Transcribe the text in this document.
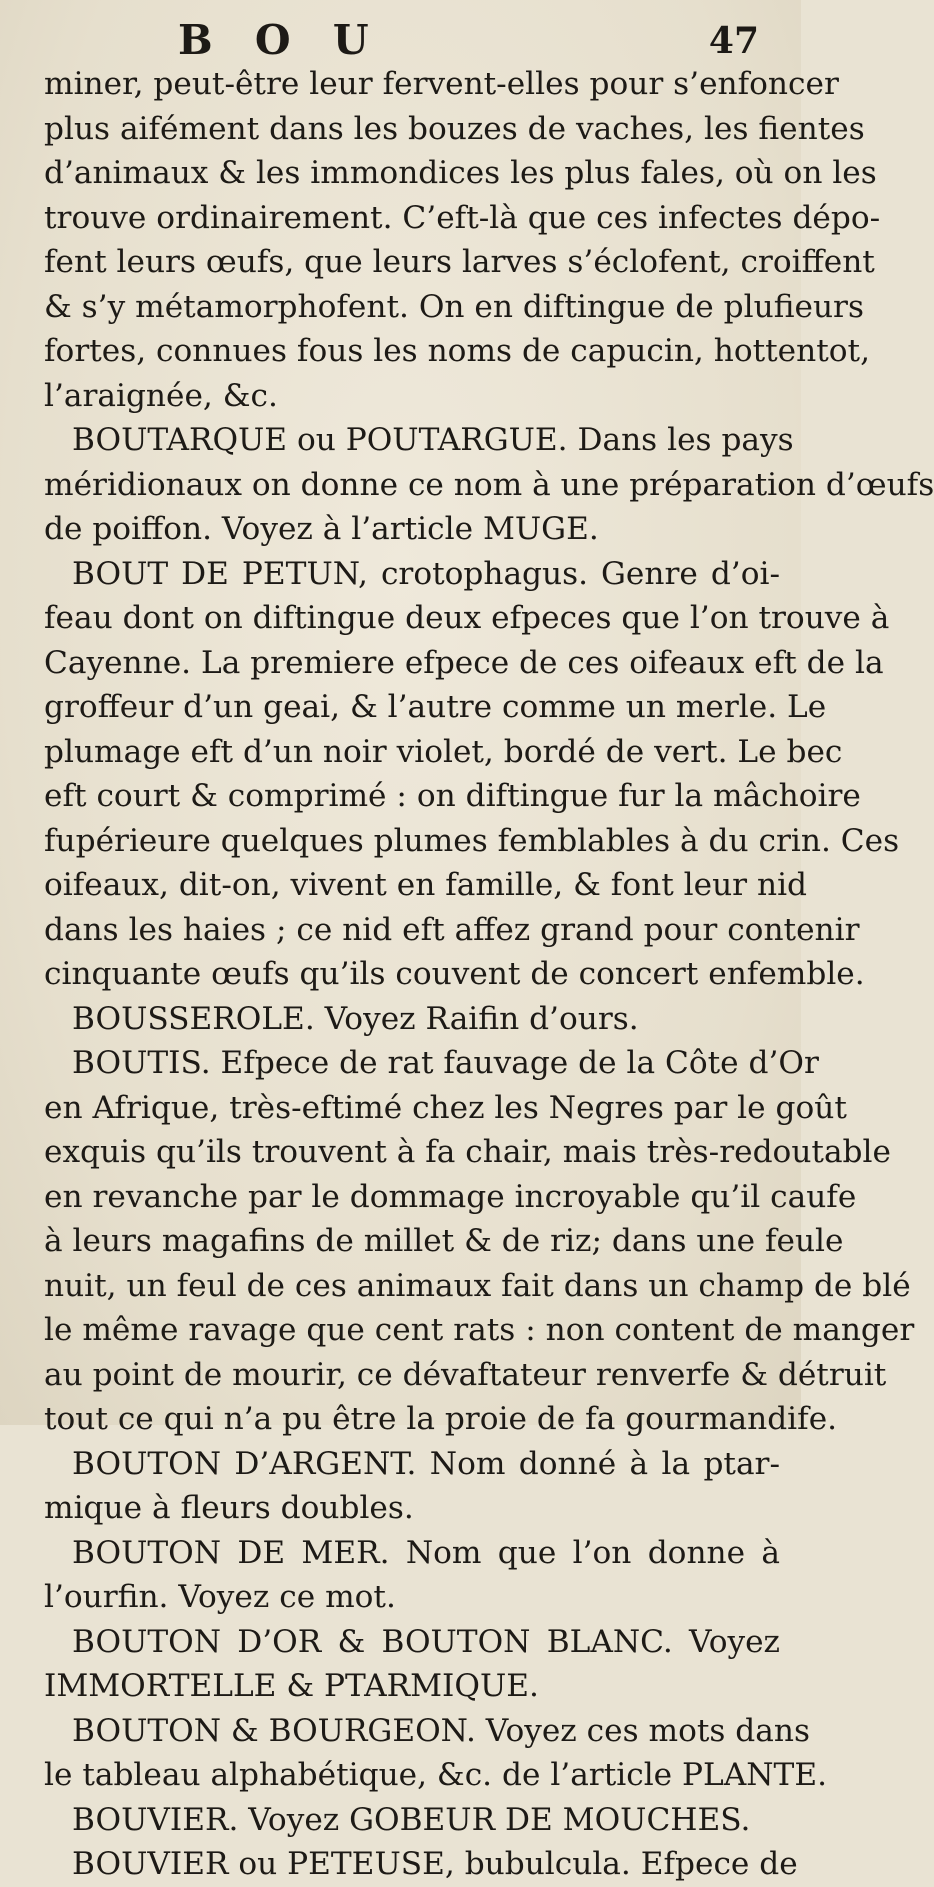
B O U	47
miner, peut-être leur fervent-elles pour s’enfoncer
plus aifément dans les bouzes de vaches, les fientes
d’animaux & les immondices les plus fales, où on les
trouve ordinairement. C’eft-là que ces infectes dépo-
fent leurs œufs, que leurs larves s’éclofent, croiffent
& s’y métamorphofent. On en diftingue de plufieurs
fortes, connues fous les noms de capucin, hottentot,
l’araignée, &c.
BOUTARQUE ou POUTARGUE. Dans les pays
méridionaux on donne ce nom à une préparation d’œufs
de poiffon. Voyez à l’article MUGE.
BOUT DE PETUN, crotophagus. Genre d’oi-
feau dont on diftingue deux efpeces que l’on trouve à
Cayenne. La premiere efpece de ces oifeaux eft de la
groffeur d’un geai, & l’autre comme un merle. Le
plumage eft d’un noir violet, bordé de vert. Le bec
eft court & comprimé : on diftingue fur la mâchoire
fupérieure quelques plumes femblables à du crin. Ces
oifeaux, dit-on, vivent en famille, & font leur nid
dans les haies ; ce nid eft affez grand pour contenir
cinquante œufs qu’ils couvent de concert enfemble.
BOUSSEROLE. Voyez Raifin d’ours.
BOUTIS. Efpece de rat fauvage de la Côte d’Or
en Afrique, très-eftimé chez les Negres par le goût
exquis qu’ils trouvent à fa chair, mais très-redoutable
en revanche par le dommage incroyable qu’il caufe
à leurs magafins de millet & de riz; dans une feule
nuit, un feul de ces animaux fait dans un champ de blé
le même ravage que cent rats : non content de manger
au point de mourir, ce dévaftateur renverfe & détruit
tout ce qui n’a pu être la proie de fa gourmandife.
BOUTON D’ARGENT. Nom donné à la ptar-
mique à fleurs doubles.
BOUTON DE MER. Nom que l’on donne à
l’ourfin. Voyez ce mot.
BOUTON D’OR & BOUTON BLANC. Voyez
IMMORTELLE & PTARMIQUE.
BOUTON & BOURGEON. Voyez ces mots dans
le tableau alphabétique, &c. de l’article PLANTE.
BOUVIER. Voyez GOBEUR DE MOUCHES.
BOUVIER ou PETEUSE, bubulcula. Efpece de
